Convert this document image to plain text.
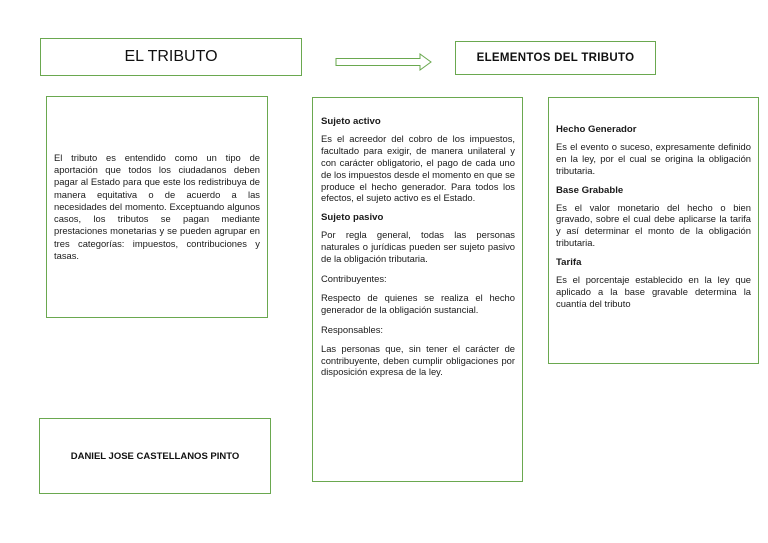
EL TRIBUTO	ELEMENTOS DEL TRIBUTO

El tributo es entendido como un tipo de aportación que todos los ciudadanos deben pagar al Estado para que este los redistribuya de manera equitativa o de acuerdo a las necesidades del momento. Exceptuando algunos casos, los tributos se pagan mediante prestaciones monetarias y se pueden agrupar en tres categorías: impuestos, contribuciones y tasas.

DANIEL JOSE CASTELLANOS PINTO
Sujeto activo

Es el acreedor del cobro de los impuestos, facultado para exigir, de manera unilateral y con carácter obligatorio, el pago de cada uno de los impuestos desde el momento en que se produce el hecho generador. Para todos los efectos, el sujeto activo es el Estado.

Sujeto pasivo

Por regla general, todas las personas naturales o jurídicas pueden ser sujeto pasivo de la obligación tributaria.

Contribuyentes:

Respecto de quienes se realiza el hecho generador de la obligación sustancial.

Responsables:

Las personas que, sin tener el carácter de contribuyente, deben cumplir obligaciones por disposición expresa de la ley.

Hecho Generador

Es el evento o suceso, expresamente definido en la ley, por el cual se origina la obligación tributaria.

Base Grabable

Es el valor monetario del hecho o bien gravado, sobre el cual debe aplicarse la tarifa y así determinar el monto de la obligación tributaria.

Tarifa

Es el porcentaje establecido en la ley que aplicado a la base gravable determina la cuantía del tributo
